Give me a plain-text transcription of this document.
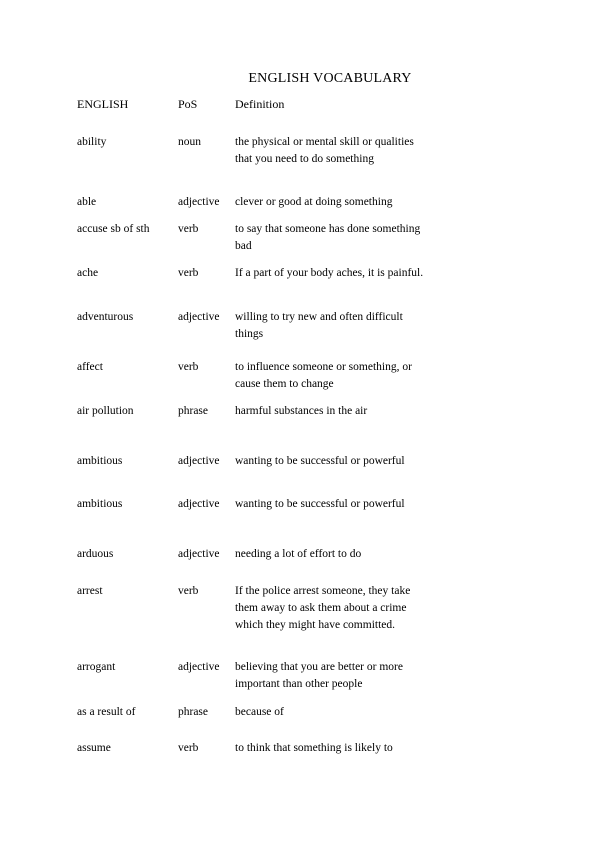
ENGLISH VOCABULARY
ENGLISH	PoS	Definition
ability	noun	the physical or mental skill or qualities that you need to do something
able	adjective	clever or good at doing something
accuse sb of sth	verb	to say that someone has done something bad
ache	verb	If a part of your body aches, it is painful.
adventurous	adjective	willing to try new and often difficult things
affect	verb	to influence someone or something, or cause them to change
air pollution	phrase	harmful substances in the air
ambitious	adjective	wanting to be successful or powerful
ambitious	adjective	wanting to be successful or powerful
arduous	adjective	needing a lot of effort to do
arrest	verb	If the police arrest someone, they take them away to ask them about a crime which they might have committed.
arrogant	adjective	believing that you are better or more important than other people
as a result of	phrase	because of
assume	verb	to think that something is likely to
